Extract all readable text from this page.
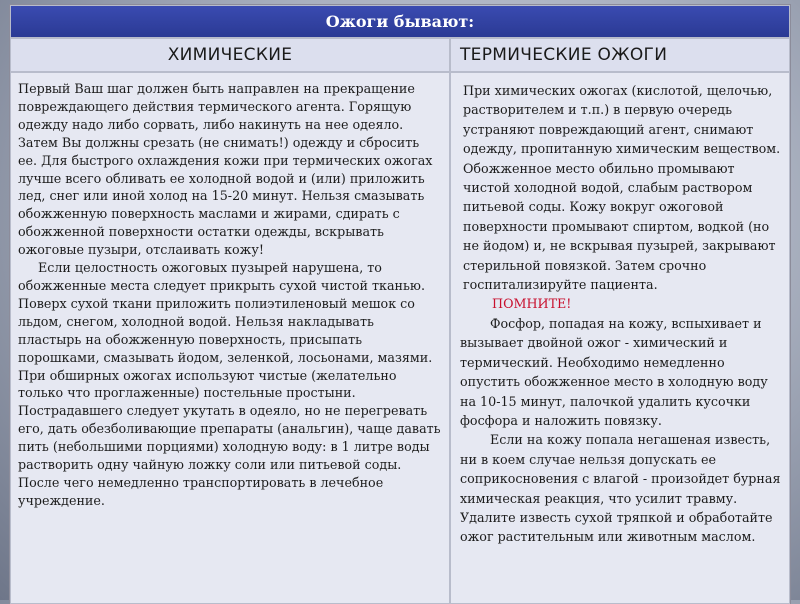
Ожоги бывают:
ХИМИЧЕСКИЕ	ТЕРМИЧЕСКИЕ ОЖОГИ

Первый Ваш шаг должен быть направлен на прекращение повреждающего действия термического агента. Горящую одежду надо либо сорвать, либо накинуть на нее одеяло. Затем Вы должны срезать (не снимать!) одежду и сбросить ее. Для быстрого охлаждения кожи при термических ожогах лучше всего обливать ее холодной водой и (или) приложить лед, снег или иной холод на 15-20 минут. Нельзя смазывать обожженную поверхность маслами и жирами, сдирать с обожженной поверхности остатки одежды, вскрывать ожоговые пузыри, отслаивать кожу!

Если целостность ожоговых пузырей нарушена, то обожженные места следует прикрыть сухой чистой тканью. Поверх сухой ткани приложить полиэтиленовый мешок со льдом, снегом, холодной водой. Нельзя накладывать пластырь на обожженную поверхность, присыпать порошками, смазывать йодом, зеленкой, лосьонами, мазями. При обширных ожогах используют чистые (желательно только что проглаженные) постельные простыни. Пострадавшего следует укутать в одеяло, но не перегревать его, дать обезболивающие препараты (анальгин), чаще давать пить (небольшими порциями) холодную воду: в 1 литре воды растворить одну чайную ложку соли или питьевой соды. После чего немедленно транспортировать в лечебное учреждение.

При химических ожогах (кислотой, щелочью, растворителем и т.п.) в первую очередь устраняют повреждающий агент, снимают одежду, пропитанную химическим веществом. Обожженное место обильно промывают чистой холодной водой, слабым раствором питьевой соды. Кожу вокруг ожоговой поверхности промывают спиртом, водкой (но не йодом) и, не вскрывая пузырей, закрывают стерильной повязкой. Затем срочно госпитализируйте пациента.

ПОМНИТЕ!

Фосфор, попадая на кожу, вспыхивает и вызывает двойной ожог - химический и термический. Необходимо немедленно опустить обожженное место в холодную воду на 10-15 минут, палочкой удалить кусочки фосфора и наложить повязку.

Если на кожу попала негашеная известь, ни в коем случае нельзя допускать ее соприкосновения с влагой - произойдет бурная химическая реакция, что усилит травму. Удалите известь сухой тряпкой и обработайте ожог растительным или животным маслом.
